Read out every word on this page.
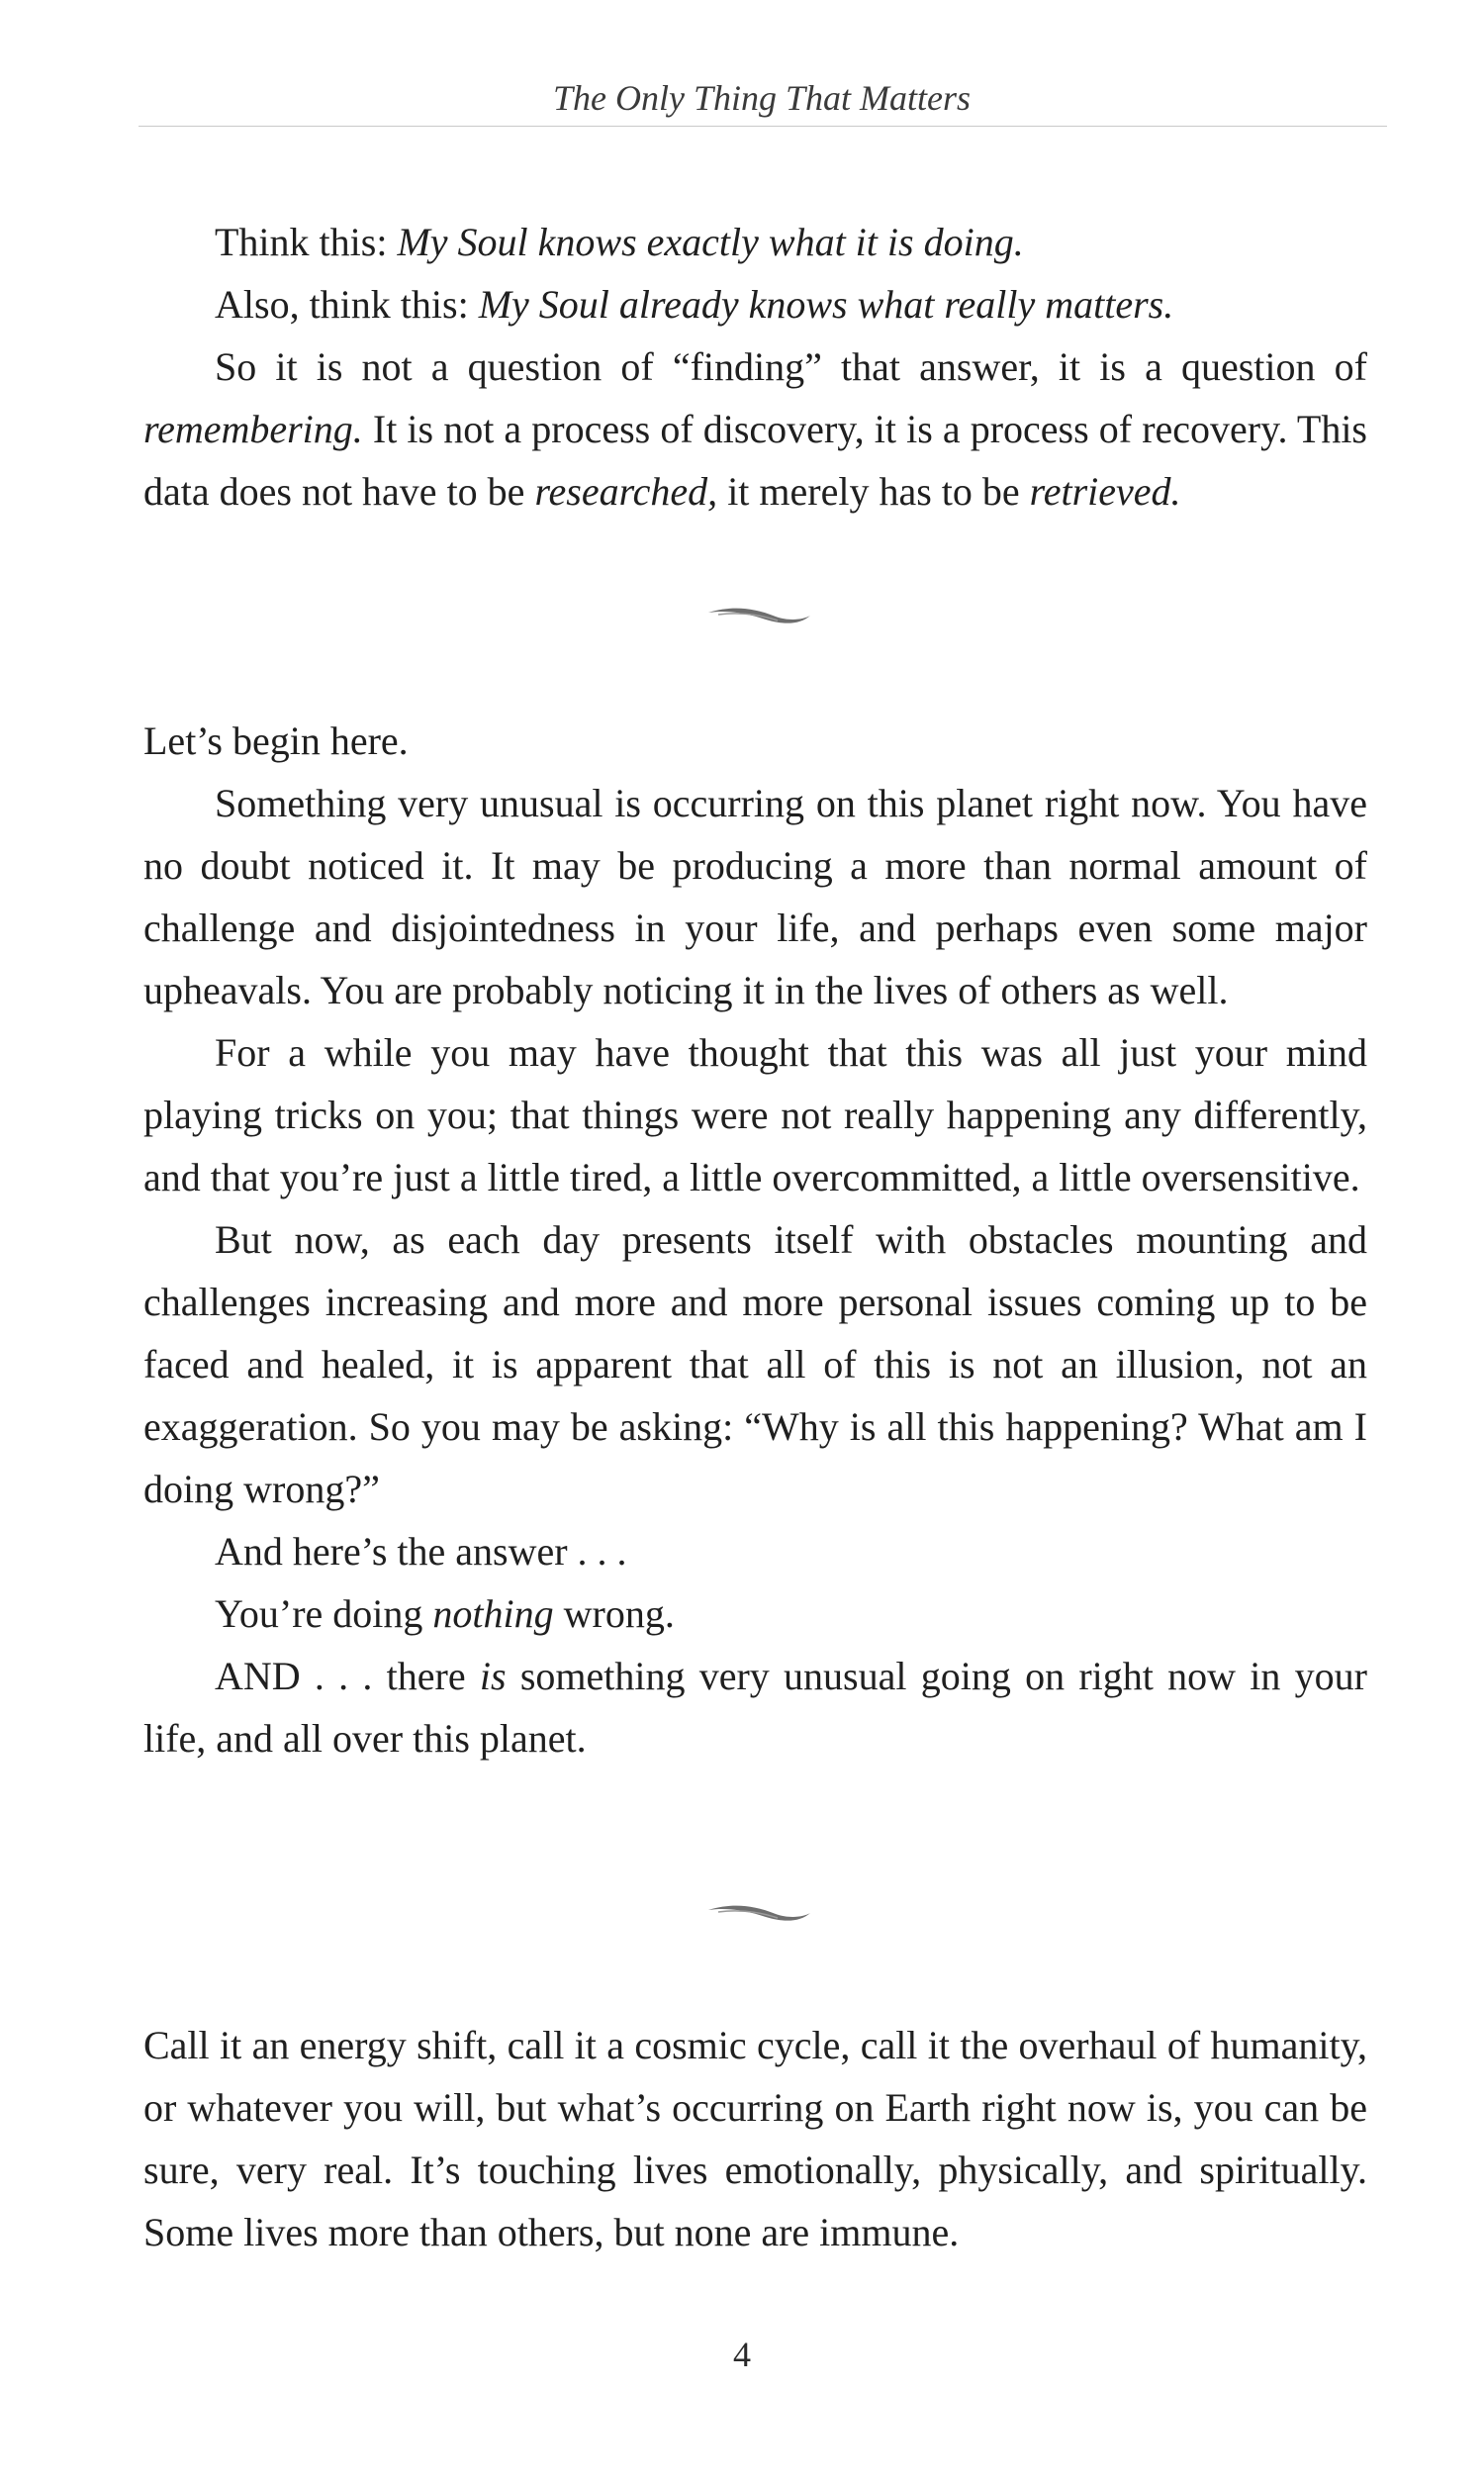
The Only Thing That Matters

Think this: My Soul knows exactly what it is doing.

Also, think this: My Soul already knows what really matters.

So it is not a question of “finding” that answer, it is a question of remembering. It is not a process of discovery, it is a process of recovery. This data does not have to be researched, it merely has to be retrieved.

Let’s begin here.

Something very unusual is occurring on this planet right now. You have no doubt noticed it. It may be producing a more than normal amount of challenge and disjointedness in your life, and perhaps even some major upheavals. You are probably noticing it in the lives of others as well.

For a while you may have thought that this was all just your mind playing tricks on you; that things were not really happening any differently, and that you’re just a little tired, a little overcommitted, a little oversensitive.

But now, as each day presents itself with obstacles mounting and challenges increasing and more and more personal issues coming up to be faced and healed, it is apparent that all of this is not an illusion, not an exaggeration. So you may be asking: “Why is all this happening? What am I doing wrong?”

And here’s the answer . . .

You’re doing nothing wrong.

AND . . . there is something very unusual going on right now in your life, and all over this planet.

Call it an energy shift, call it a cosmic cycle, call it the overhaul of humanity, or whatever you will, but what’s occurring on Earth right now is, you can be sure, very real. It’s touching lives emotionally, physically, and spiritually. Some lives more than others, but none are immune.

4
